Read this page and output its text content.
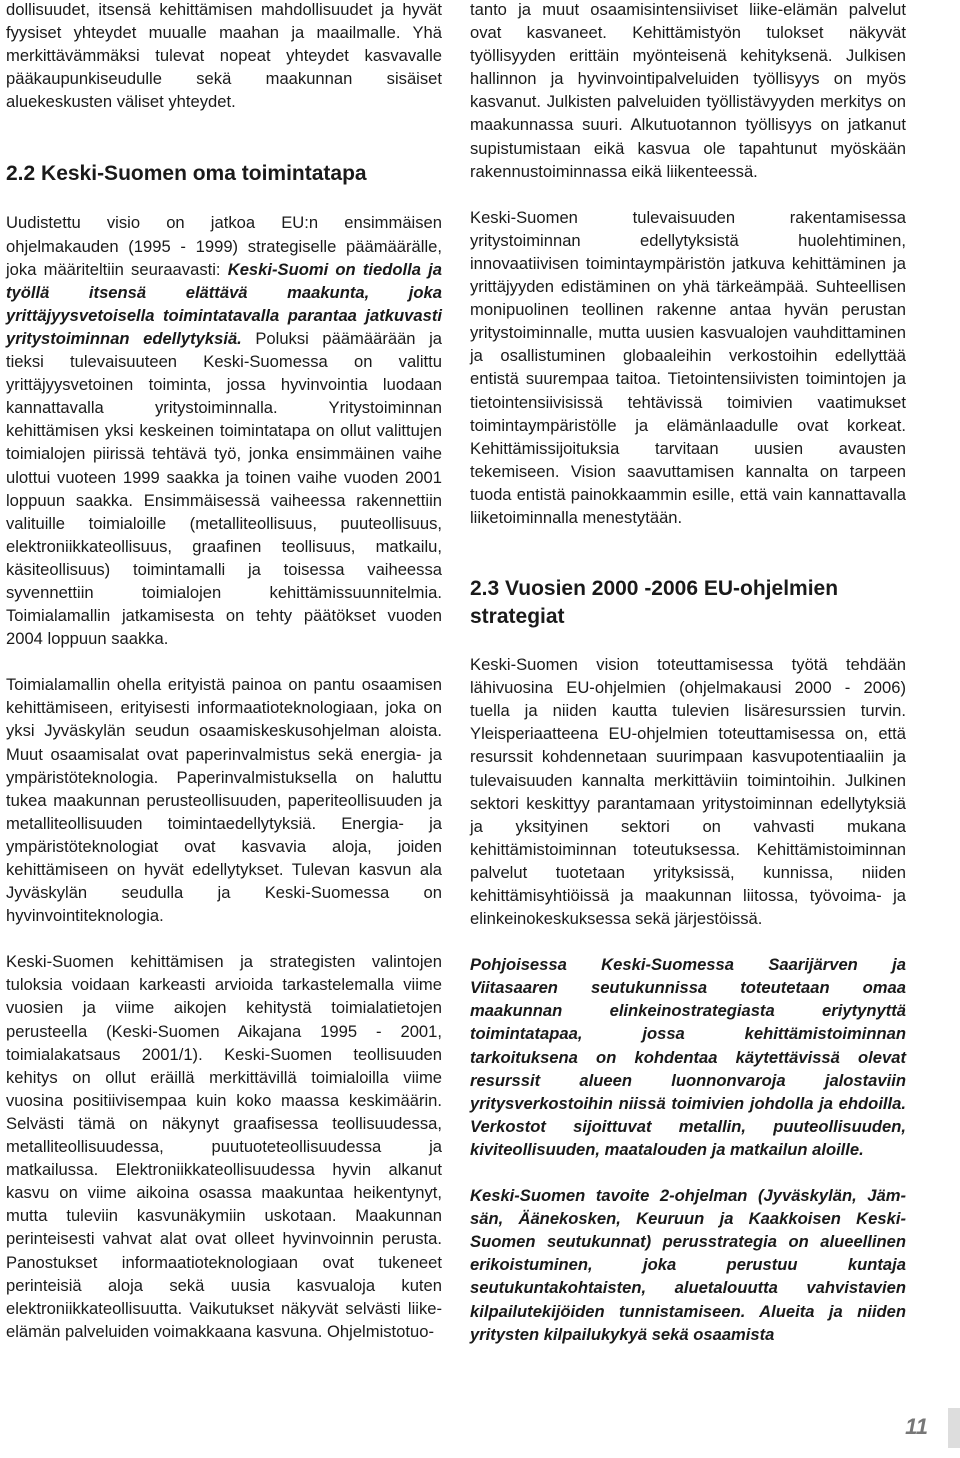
dollisuudet, itsensä kehittämisen mahdollisuudet ja hyvät fyysiset yhteydet muualle maahan ja maailmalle. Yhä merkittävämmäksi tulevat nopeat yhteydet kasvavalle pääkaupunkiseudulle sekä maakunnan sisäiset aluekeskusten väliset yhteydet.

2.2 Keski-Suomen oma toimintatapa

Uudistettu visio on jatkoa EU:n ensimmäisen ohjelmakauden (1995 - 1999) strategiselle päämäärälle, joka määriteltiin seuraavasti: Keski-Suomi on tiedolla ja työllä itsensä elättävä maakunta, joka yrittäjyysvetoisella toimintatavalla parantaa jatkuvasti yritystoiminnan edellytyksiä. Poluksi päämäärään ja tieksi tulevaisuuteen Keski-Suomessa on valittu yrittäjyysvetoinen toiminta, jossa hyvinvointia luodaan kannattavalla yritystoiminnalla. Yritystoiminnan kehittämisen yksi keskeinen toimintatapa on ollut valittujen toimialojen piirissä tehtävä työ, jonka ensimmäinen vaihe ulottui vuoteen 1999 saakka ja toinen vaihe vuoden 2001 loppuun saakka. Ensimmäisessä vaiheessa rakennettiin valituille toimialoille (metalliteollisuus, puuteollisuus, elektroniikkateollisuus, graafinen teollisuus, matkailu, käsiteollisuus) toimintamalli ja toisessa vaiheessa syvennettiin toimialojen kehittämissuunnitelmia. Toimialamallin jatkamisesta on tehty päätökset vuoden 2004 loppuun saakka.

Toimialamallin ohella erityistä painoa on pantu osaamisen kehittämiseen, erityisesti informaatioteknologiaan, joka on yksi Jyväskylän seudun osaamiskeskusohjelman aloista. Muut osaamisalat ovat paperinvalmistus sekä energia- ja ympäristöteknologia. Paperinvalmistuksella on haluttu tukea maakunnan perusteollisuuden, paperiteollisuuden ja metalliteollisuuden toimintaedellytyksiä. Energia- ja ympäristöteknologiat ovat kasvavia aloja, joiden kehittämiseen on hyvät edellytykset. Tulevan kasvun ala Jyväskylän seudulla ja Keski-Suomessa on hyvinvointiteknologia.

Keski-Suomen kehittämisen ja strategisten valintojen tuloksia voidaan karkeasti arvioida tarkastelemalla viime vuosien ja viime aikojen kehitystä toimialatietojen perusteella (Keski-Suomen Aikajana 1995 - 2001, toimialakatsaus 2001/1). Keski-Suomen teollisuuden kehitys on ollut eräillä merkittävillä toimialoilla viime vuosina positiivisempaa kuin koko maassa keskimäärin. Selvästi tämä on näkynyt graafisessa teollisuudessa, metalliteollisuudessa, puutuoteteollisuudessa ja matkailussa. Elektroniikkateollisuudessa hyvin alkanut kasvu on viime aikoina osassa maakuntaa heikentynyt, mutta tuleviin kasvunäkymiin uskotaan. Maakunnan perinteisesti vahvat alat ovat olleet hyvinvoinnin perusta. Panostukset informaatioteknologiaan ovat tukeneet perinteisiä aloja sekä uusia kasvualoja kuten elektroniikkateollisuutta. Vaikutukset näkyvät selvästi liike-elämän palveluiden voimakkaana kasvuna. Ohjelmistotuo-

tanto ja muut osaamisintensiiviset liike-elämän palvelut ovat kasvaneet. Kehittämistyön tulokset näkyvät työllisyyden erittäin myönteisenä kehityksenä. Julkisen hallinnon ja hyvinvointipalveluiden työllisyys on myös kasvanut. Julkisten palveluiden työllistävyyden merkitys on maakunnassa suuri. Alkutuotannon työllisyys on jatkanut supistumistaan eikä kasvua ole tapahtunut myöskään rakennustoiminnassa eikä liikenteessä.

Keski-Suomen tulevaisuuden rakentamisessa yritystoiminnan edellytyksistä huolehtiminen, innovaatiivisen toimintaympäristön jatkuva kehittäminen ja yrittäjyyden edistäminen on yhä tärkeämpää. Suhteellisen monipuolinen teollinen rakenne antaa hyvän perustan yritystoiminnalle, mutta uusien kasvualojen vauhdittaminen ja osallistuminen globaaleihin verkostoihin edellyttää entistä suurempaa taitoa. Tietointensiivisten toimintojen ja tietointensiivisissä tehtävissä toimivien vaatimukset toimintaympäristölle ja elämänlaadulle ovat korkeat. Kehittämissijoituksia tarvitaan uusien avausten tekemiseen. Vision saavuttamisen kannalta on tarpeen tuoda entistä painokkaammin esille, että vain kannattavalla liiketoiminnalla menestytään.

2.3 Vuosien 2000 -2006 EU-ohjelmien strategiat

Keski-Suomen vision toteuttamisessa työtä tehdään lähivuosina EU-ohjelmien (ohjelmakausi 2000 - 2006) tuella ja niiden kautta tulevien lisäresurssien turvin. Yleisperiaatteena EU-ohjelmien toteuttamisessa on, että resurssit kohdennetaan suurimpaan kasvupotentiaaliin ja tulevaisuuden kannalta merkittäviin toimintoihin. Julkinen sektori keskittyy parantamaan yritystoiminnan edellytyksiä ja yksityinen sektori on vahvasti mukana kehittämistoiminnan toteutuksessa. Kehittämistoiminnan palvelut tuotetaan yrityksissä, kunnissa, niiden kehittämisyhtiöissä ja maakunnan liitossa, työvoima- ja elinkeinokeskuksessa sekä järjestöissä.

Pohjoisessa Keski-Suomessa Saarijärven ja Viitasaaren seutukunnissa toteutetaan omaa maakunnan elinkeinostrategiasta eriytynyttä toimintatapaa, jossa kehittämistoiminnan tarkoituksena on kohdentaa käytettävissä olevat resurssit alueen luonnonvaroja jalostaviin yritysverkostoihin niissä toimivien johdolla ja ehdoilla. Verkostot sijoittuvat metallin, puuteollisuuden, kiviteollisuuden, maatalouden ja matkailun aloille.

Keski-Suomen tavoite 2-ohjelman (Jyväskylän, Jäm-sän, Äänekosken, Keuruun ja Kaakkoisen Keski-Suomen seutukunnat) perusstrategia on alueellinen erikoistuminen, joka perustuu kuntaja seutukuntakohtaisten, aluetalouutta vahvistavien kilpailutekijöiden tunnistamiseen. Alueita ja niiden yritysten kilpailukykyä sekä osaamista

11
